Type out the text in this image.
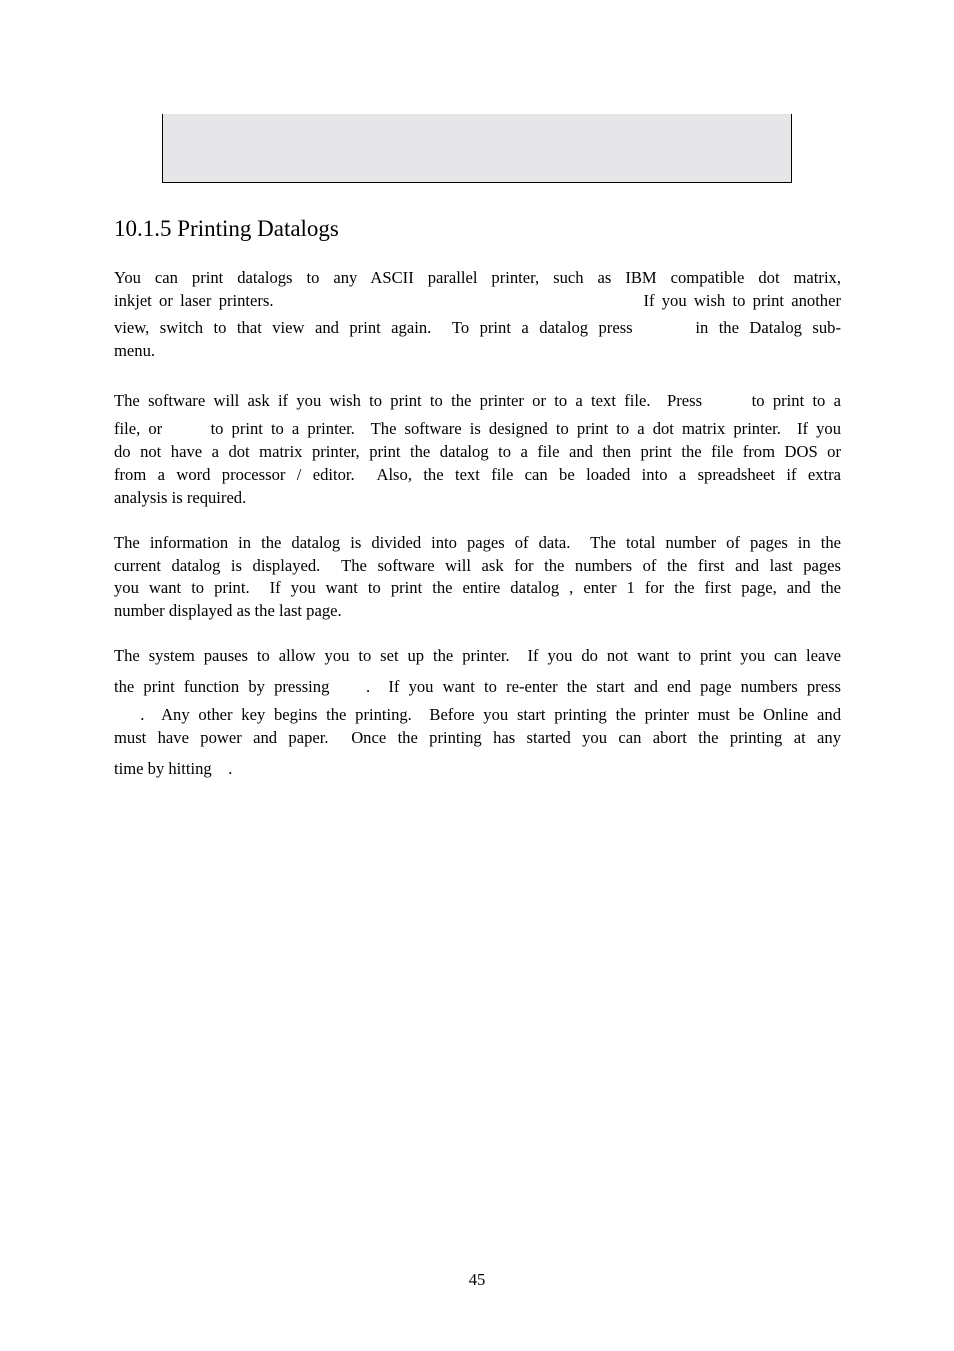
10.1.5 Printing Datalogs
You can print datalogs to any ASCII parallel printer, such as IBM compatible dot matrix,
inkjet or laser printers.                                                   If you wish to print another
view, switch to that view and print again.  To print a datalog press      in the Datalog sub-
menu.
The software will ask if you wish to print to the printer or to a text file.  Press      to print to a
file, or      to print to a printer.  The software is designed to print to a dot matrix printer.  If you
do not have a dot matrix printer, print the datalog to a file and then print the file from DOS or
from a word processor / editor.  Also, the text file can be loaded into a spreadsheet if extra
analysis is required.
The information in the datalog is divided into pages of data.  The total number of pages in the
current datalog is displayed.  The software will ask for the numbers of the first and last pages
you want to print.  If you want to print the entire datalog , enter 1 for the first page, and the
number displayed as the last page.
The system pauses to allow you to set up the printer.  If you do not want to print you can leave
the print function by pressing    .  If you want to re-enter the start and end page numbers press
.  Any other key begins the printing.  Before you start printing the printer must be Online and
must have power and paper.  Once the printing has started you can abort the printing at any
time by hitting    .
45
